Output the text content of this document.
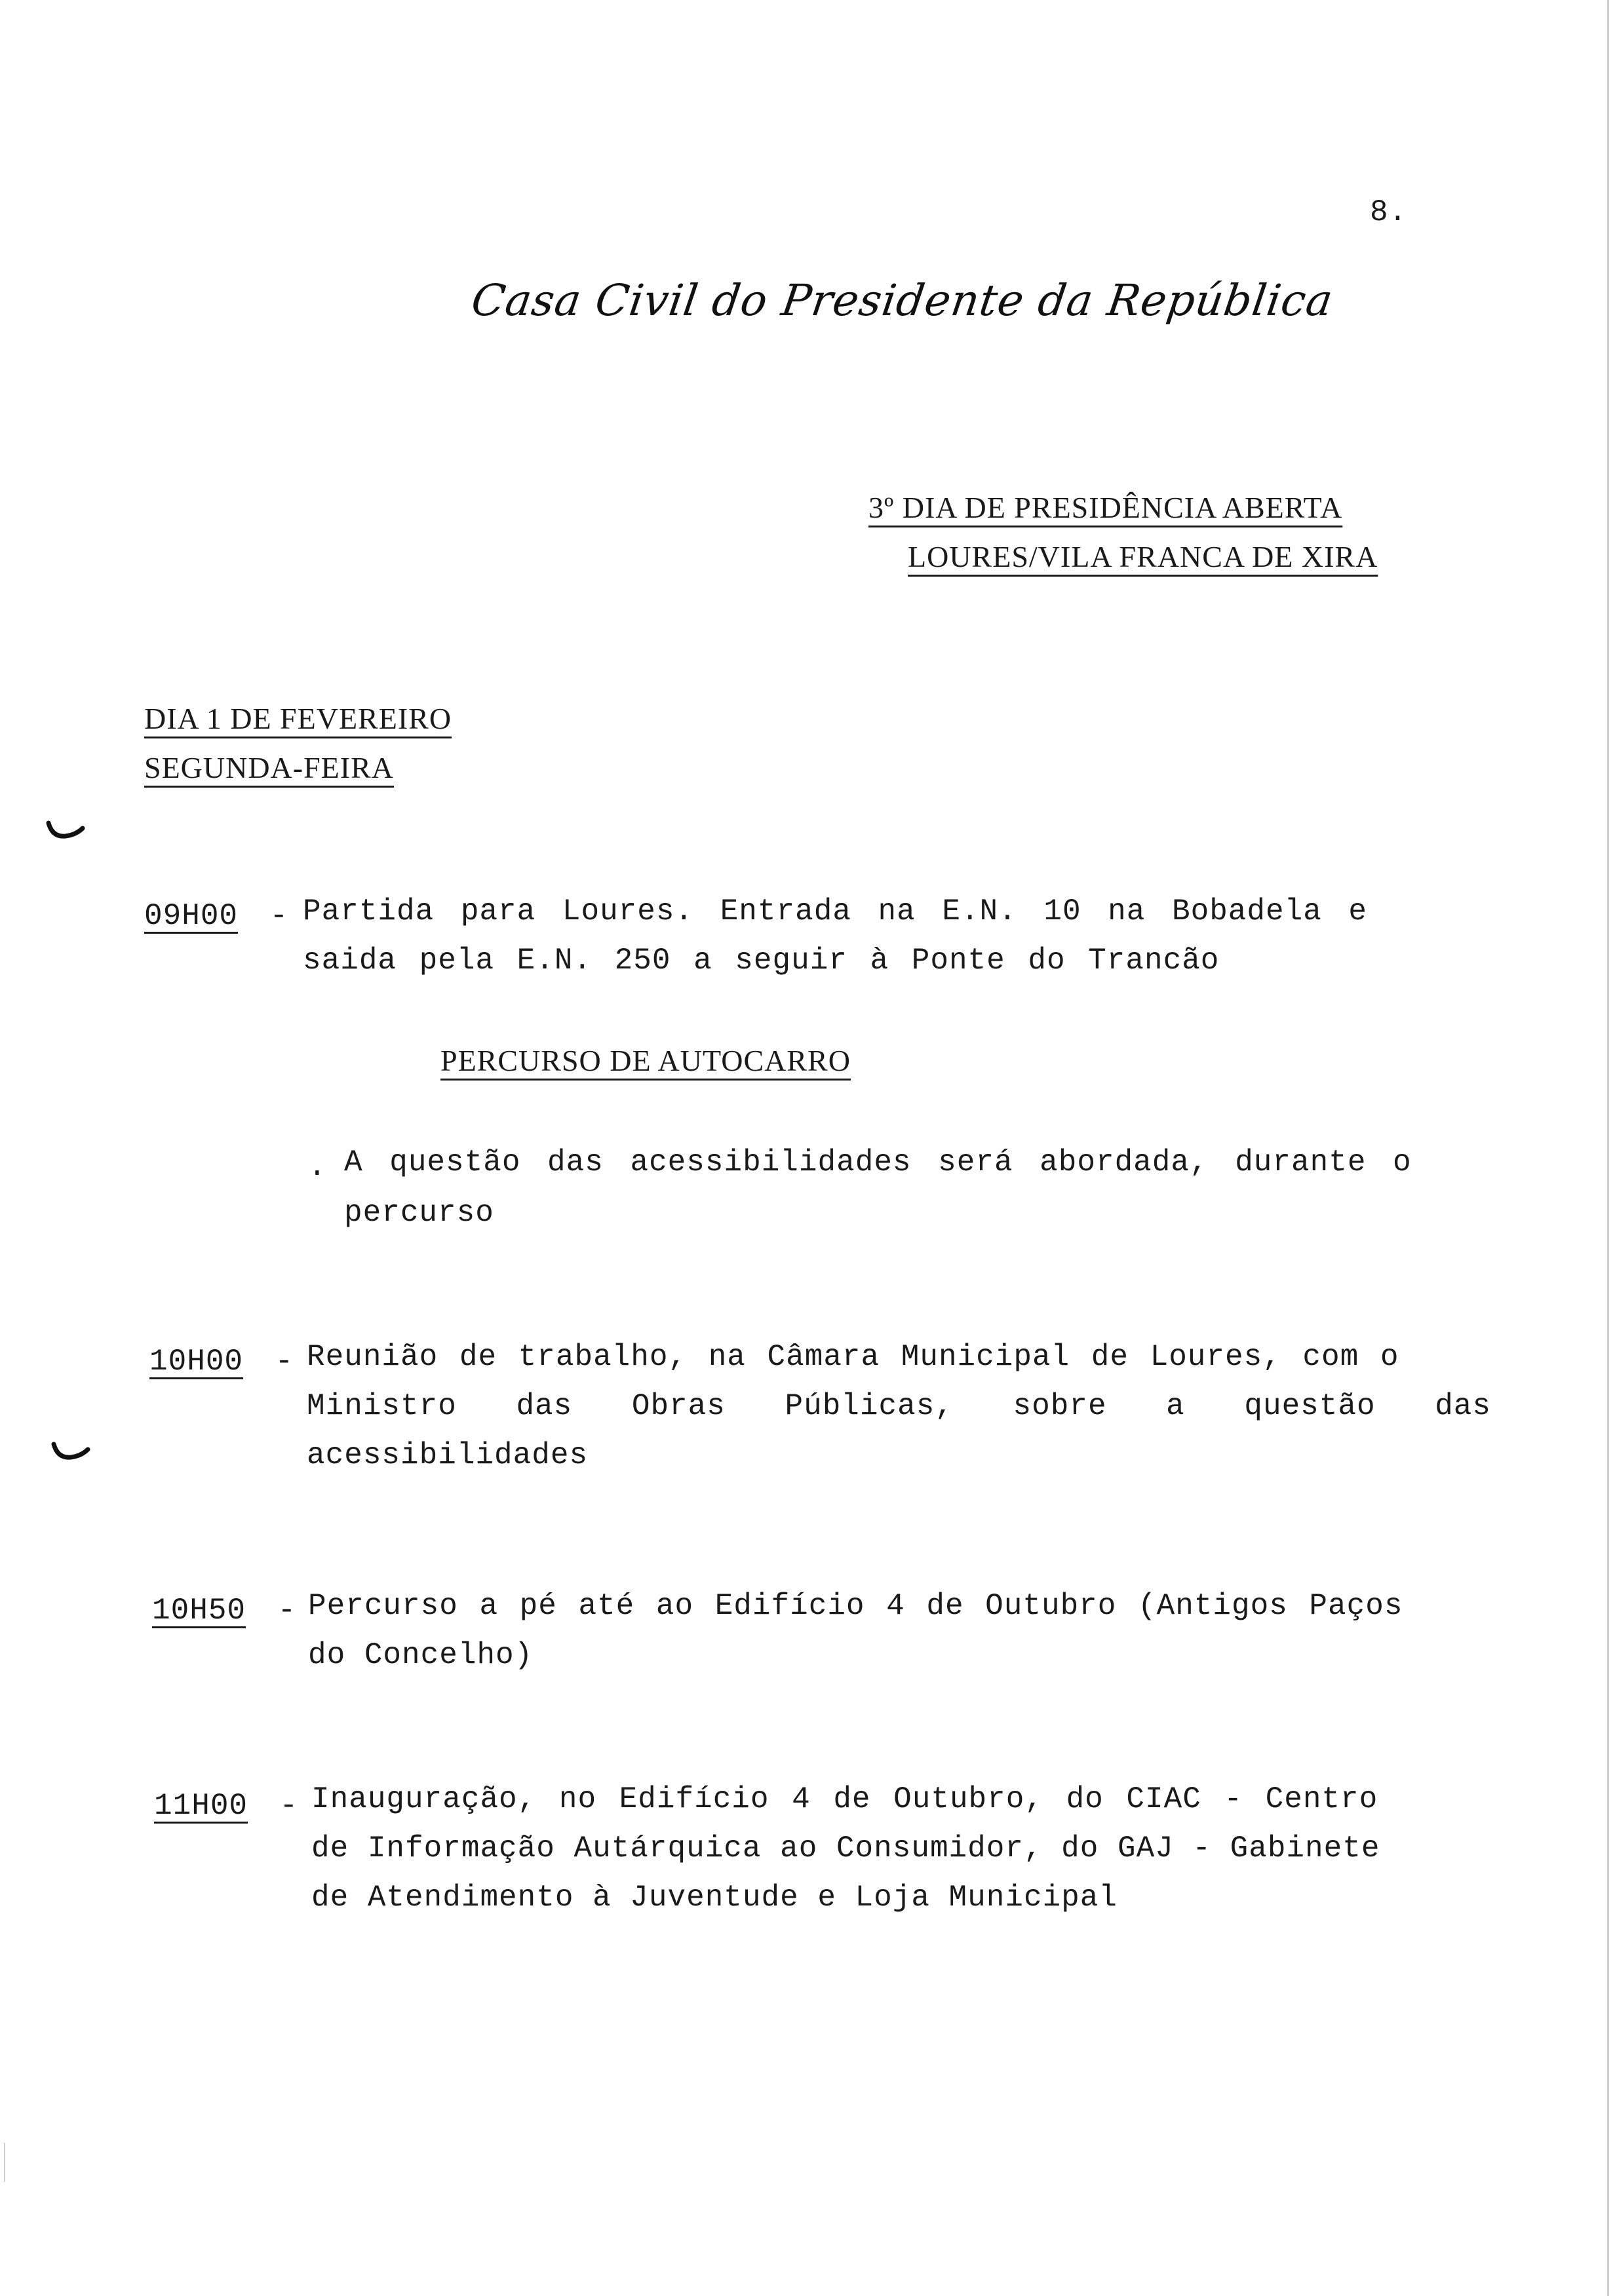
8.
Casa Civil do Presidente da República
3º DIA DE PRESIDÊNCIA ABERTA
LOURES/VILA FRANCA DE XIRA
DIA 1 DE FEVEREIRO
SEGUNDA-FEIRA
09H00 - Partida para Loures. Entrada na E.N. 10 na Bobadela e
saida pela E.N. 250 a seguir à Ponte do Trancão
PERCURSO DE AUTOCARRO
. A questão das acessibilidades será abordada, durante o
percurso
10H00 - Reunião de trabalho, na Câmara Municipal de Loures, com o
Ministro das Obras Públicas, sobre a questão das
acessibilidades
10H50 - Percurso a pé até ao Edifício 4 de Outubro (Antigos Paços
do Concelho)
11H00 - Inauguração, no Edifício 4 de Outubro, do CIAC - Centro
de Informação Autárquica ao Consumidor, do GAJ - Gabinete
de Atendimento à Juventude e Loja Municipal
